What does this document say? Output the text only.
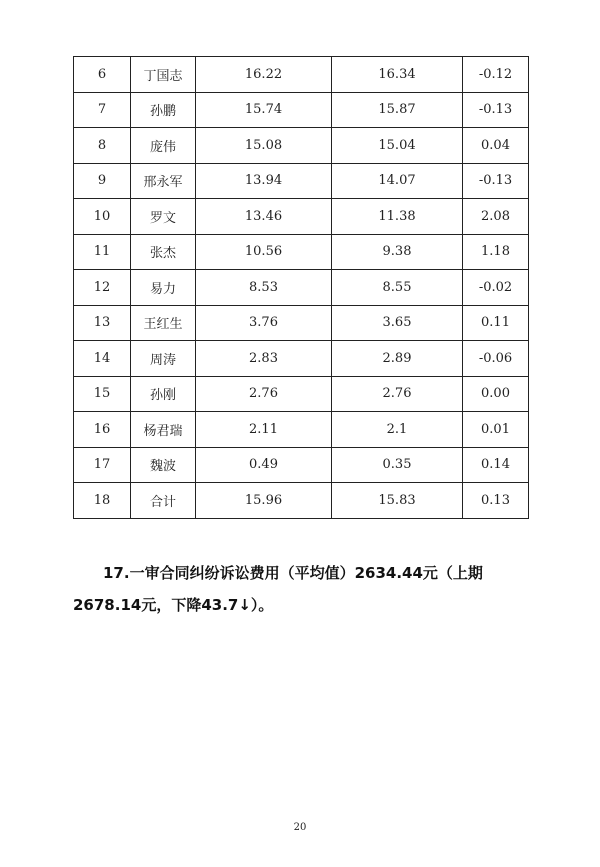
6	丁国志	16.22	16.34	-0.12
7	孙鹏	15.74	15.87	-0.13
8	庞伟	15.08	15.04	0.04
9	邢永军	13.94	14.07	-0.13
10	罗文	13.46	11.38	2.08
11	张杰	10.56	9.38	1.18
12	易力	8.53	8.55	-0.02
13	王红生	3.76	3.65	0.11
14	周涛	2.83	2.89	-0.06
15	孙刚	2.76	2.76	0.00
16	杨君瑞	2.11	2.1	0.01
17	魏波	0.49	0.35	0.14
18	合计	15.96	15.83	0.13
17.一审合同纠纷诉讼费用（平均值）2634.44元（上期
2678.14元，下降43.7↓）。
20
